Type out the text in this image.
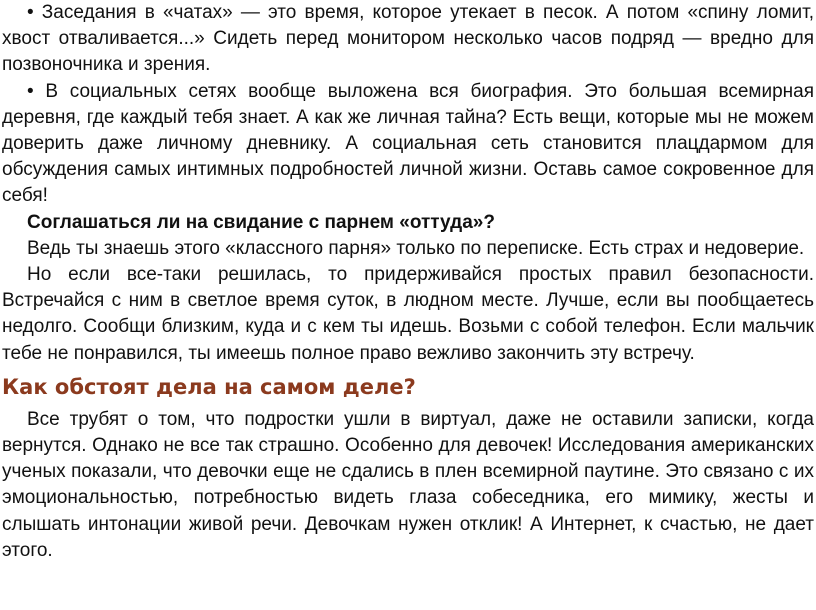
• Заседания в «чатах» — это время, которое утекает в песок. А потом «спину ломит, хвост отваливается...» Сидеть перед монитором несколько часов подряд — вредно для позвоночника и зрения.

• В социальных сетях вообще выложена вся биография. Это большая всемирная деревня, где каждый тебя знает. А как же личная тайна? Есть вещи, которые мы не можем доверить даже личному дневнику. А социальная сеть становится плацдармом для обсуждения самых интимных подробностей личной жизни. Оставь самое сокровенное для себя!

Соглашаться ли на свидание с парнем «оттуда»?

Ведь ты знаешь этого «классного парня» только по переписке. Есть страх и недоверие.

Но если все-таки решилась, то придерживайся простых правил безопасности. Встречайся с ним в светлое время суток, в людном месте. Лучше, если вы пообщаетесь недолго. Сообщи близким, куда и с кем ты идешь. Возьми с собой телефон. Если мальчик тебе не понравился, ты имеешь полное право вежливо закончить эту встречу.

Как обстоят дела на самом деле?

Все трубят о том, что подростки ушли в виртуал, даже не оставили записки, когда вернутся. Однако не все так страшно. Особенно для девочек! Исследования американских ученых показали, что девочки еще не сдались в плен всемирной паутине. Это связано с их эмоциональностью, потребностью видеть глаза собеседника, его мимику, жесты и слышать интонации живой речи. Девочкам нужен отклик! А Интернет, к счастью, не дает этого.
